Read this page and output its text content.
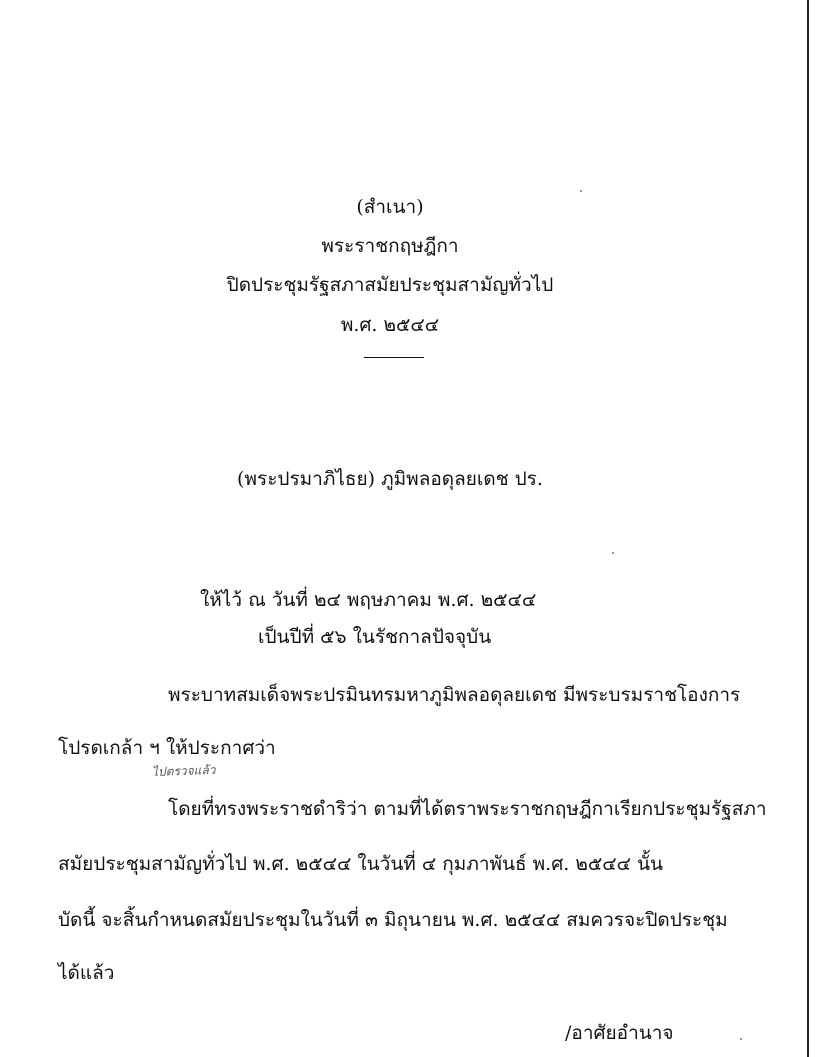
(สำเนา)
พระราชกฤษฎีกา
ปิดประชุมรัฐสภาสมัยประชุมสามัญทั่วไป
พ.ศ. ๒๕๔๔
(พระปรมาภิไธย) ภูมิพลอดุลยเดช ปร.
ให้ไว้ ณ วันที่ ๒๔ พฤษภาคม พ.ศ. ๒๕๔๔
เป็นปีที่ ๕๖ ในรัชกาลปัจจุบัน
พระบาทสมเด็จพระปรมินทรมหาภูมิพลอดุลยเดช มีพระบรมราชโองการ
โปรดเกล้า ฯ ให้ประกาศว่า
ไปตรวจแล้ว
โดยที่ทรงพระราชดำริว่า ตามที่ได้ตราพระราชกฤษฎีกาเรียกประชุมรัฐสภา
สมัยประชุมสามัญทั่วไป พ.ศ. ๒๕๔๔ ในวันที่ ๔ กุมภาพันธ์ พ.ศ. ๒๕๔๔ นั้น
บัดนี้ จะสิ้นกำหนดสมัยประชุมในวันที่ ๓ มิถุนายน พ.ศ. ๒๕๔๔ สมควรจะปิดประชุม
ได้แล้ว
/อาศัยอำนาจ
